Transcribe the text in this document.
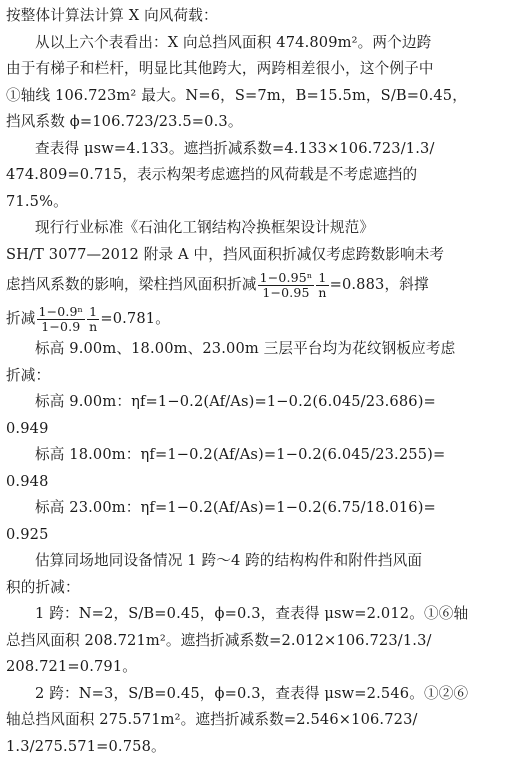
按整体计算法计算 X 向风荷载：
从以上六个表看出：X 向总挡风面积 474.809m²。两个边跨
由于有梯子和栏杆，明显比其他跨大，两跨相差很小，这个例子中
①轴线 106.723m² 最大。N=6，S=7m，B=15.5m，S/B=0.45，
挡风系数 ϕ=106.723/23.5=0.3。
查表得 μsw=4.133。遮挡折减系数=4.133×106.723/1.3/
474.809=0.715，表示构架考虑遮挡的风荷载是不考虑遮挡的
71.5%。
现行行业标准《石油化工钢结构冷换框架设计规范》
SH/T 3077—2012 附录 A 中，挡风面积折减仅考虑跨数影响未考
虑挡风系数的影响，梁柱挡风面积折减 $\frac{\text{1−0.95ⁿ}}{1-0.95} \frac{1}{n} =0.883$，斜撑
折减 $\frac{\text{1−0.9ⁿ}}{1-0.9} \frac{1}{n} =0.781$。
标高 9.00m、18.00m、23.00m 三层平台均为花纹钢板应考虑
折减：
标高 9.00m：ηf=1−0.2(Af/As)=1−0.2(6.045/23.686)=
0.949
标高 18.00m：ηf=1−0.2(Af/As)=1−0.2(6.045/23.255)=
0.948
标高 23.00m：ηf=1−0.2(Af/As)=1−0.2(6.75/18.016)=
0.925
估算同场地同设备情况 1 跨～4 跨的结构构件和附件挡风面
积的折减：
1 跨：N=2，S/B=0.45，ϕ=0.3，查表得 μsw=2.012。①⑥轴
总挡风面积 208.721m²。遮挡折减系数=2.012×106.723/1.3/
208.721=0.791。
2 跨：N=3，S/B=0.45，ϕ=0.3，查表得 μsw=2.546。①②⑥
轴总挡风面积 275.571m²。遮挡折减系数=2.546×106.723/
1.3/275.571=0.758。
